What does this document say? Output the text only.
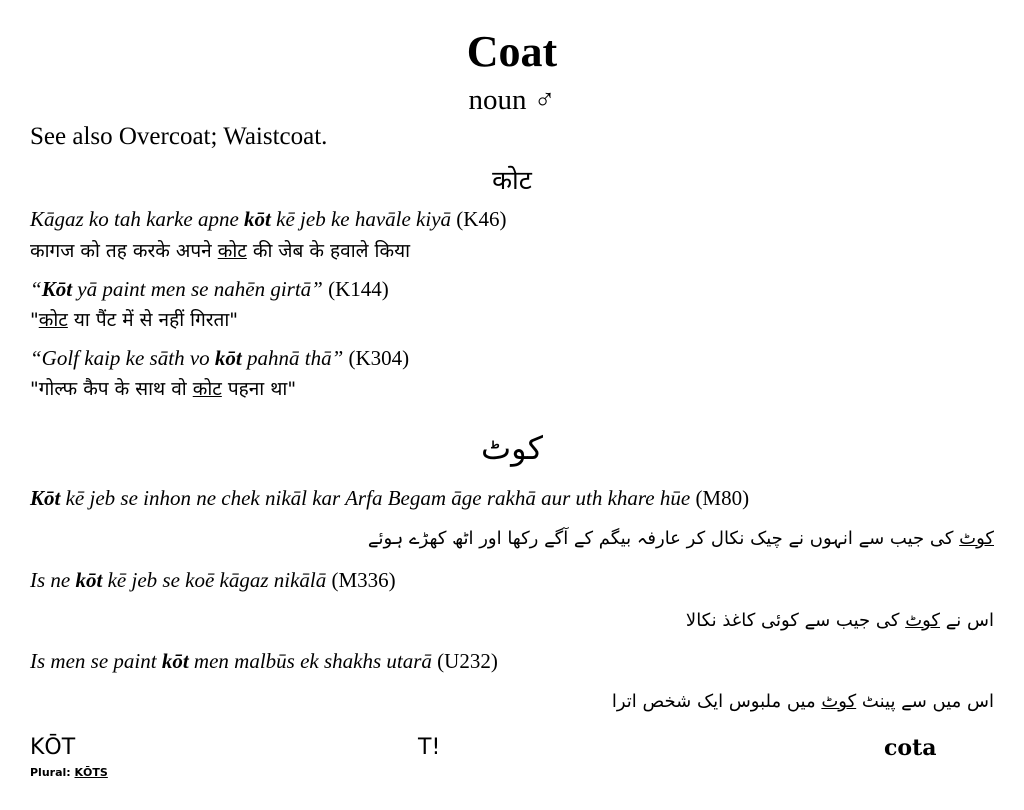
Coat
noun ♂
See also Overcoat; Waistcoat.
कोट
Kāgaz ko tah karke apne kōt kē jeb ke havāle kiyā (K46)
कागज को तह करके अपने कोट की जेब के हवाले किया
“Kōt yā paint men se nahēn girtā” (K144)
"कोट या पैंट में से नहीं गिरता"
“Golf kaip ke sāth vo kōt pahnā thā” (K304)
"गोल्फ कैप के साथ वो कोट पहना था"
کوٹ
Kōt kē jeb se inhon ne chek nikāl kar Arfa Begam āge rakhā aur uth khare hūe (M80)
کوٹ کی جیب سے انہوں نے چیک نکال کر عارفہ بیگم کے آگے رکھا اور اٹھ کھڑے ہوئے
Is ne kōt kē jeb se koē kāgaz nikālā (M336)
اس نے کوٹ کی جیب سے کوئی کاغذ نکالا
Is men se paint kōt men malbūs ek shakhs utarā (U232)
اس میں سے پینٹ کوٹ میں ملبوس ایک شخص اترا
KŌT	T!	cota
Plural: KŌTS
